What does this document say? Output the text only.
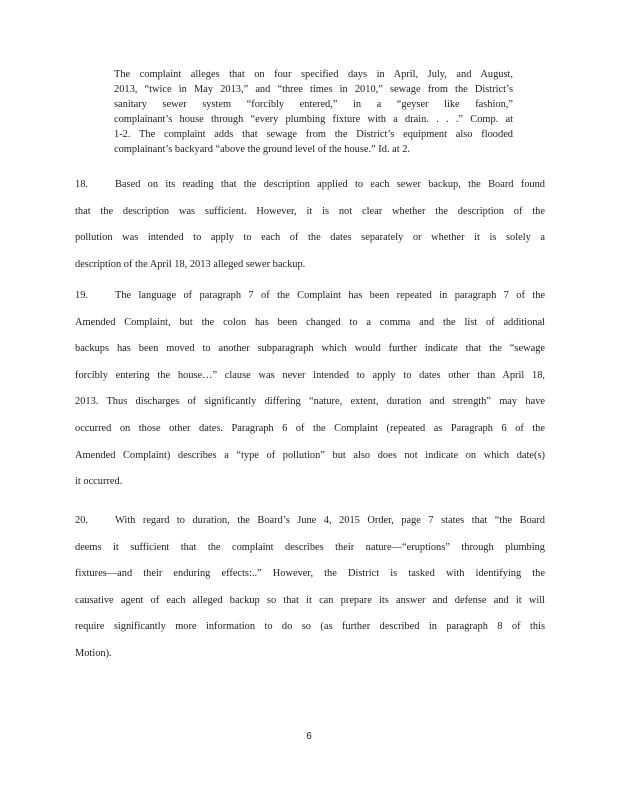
The complaint alleges that on four specified days in April, July, and August,
2013, “twice in May 2013,” and “three times in 2010,” sewage from the District’s
sanitary sewer system “forcibly entered,” in a “geyser like fashion,”
complainant’s house through “every plumbing fixture with a drain. . . .” Comp. at
1-2. The complaint adds that sewage from the District’s equipment also flooded
complainant’s backyard “above the ground level of the house.” Id. at 2.
18.	Based on its reading that the description applied to each sewer backup, the Board found
that the description was sufficient. However, it is not clear whether the description of the
pollution was intended to apply to each of the dates separately or whether it is solely a
description of the April 18, 2013 alleged sewer backup.
19.	The language of paragraph 7 of the Complaint has been repeated in paragraph 7 of the
Amended Complaint, but the colon has been changed to a comma and the list of additional
backups has been moved to another subparagraph which would further indicate that the “sewage
forcibly entering the house…” clause was never intended to apply to dates other than April 18,
2013. Thus discharges of significantly differing “nature, extent, duration and strength” may have
occurred on those other dates. Paragraph 6 of the Complaint (repeated as Paragraph 6 of the
Amended Complaint) describes a “type of pollution” but also does not indicate on which date(s)
it occurred.
20.	With regard to duration, the Board’s June 4, 2015 Order, page 7 states that “the Board
deems it sufficient that the complaint describes their nature—“eruptions” through plumbing
fixtures—and their enduring effects:..” However, the District is tasked with identifying the
causative agent of each alleged backup so that it can prepare its answer and defense and it will
require significantly more information to do so (as further described in paragraph 8 of this
Motion).
6
